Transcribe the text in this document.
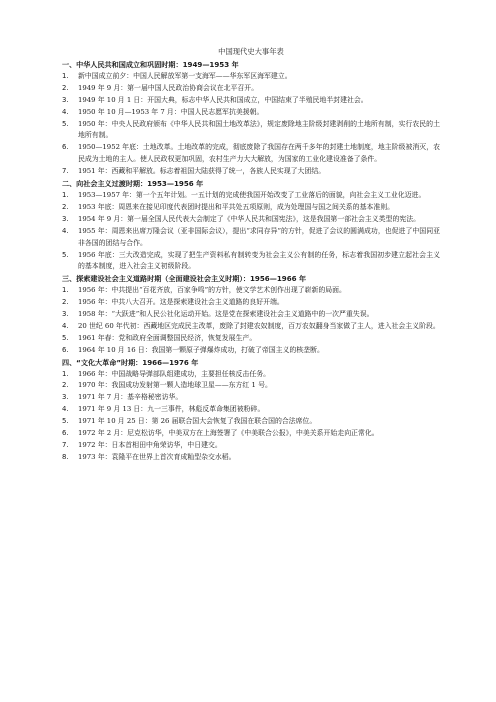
中国现代史大事年表
一、中华人民共和国成立和巩固时期：1949—1953 年
1.	新中国成立前夕：中国人民解放军第一支海军——华东军区海军建立。
2.	1949 年 9 月：第一届中国人民政治协商会议在北平召开。
3.	1949 年 10 月 1 日：开国大典，标志中华人民共和国成立，中国结束了半殖民地半封建社会。
4.	1950 年 10 月—1953 年 7 月：中国人民志愿军抗美援朝。
5.	1950 年：中央人民政府颁布《中华人民共和国土地改革法》，规定废除地主阶级封建剥削的土地所有制，实行农民的土地所有制。
6.	1950—1952 年底：土地改革。土地改革的完成，彻底废除了我国存在两千多年的封建土地制度，地主阶级被消灭，农民成为土地的主人。使人民政权更加巩固，农村生产力大大解放，为国家的工业化建设准备了条件。
7.	1951 年：西藏和平解放。标志着祖国大陆获得了统一，各族人民实现了大团结。
二、向社会主义过渡时期：1953—1956 年
1.	1953—1957 年：第一个五年计划。一五计划的完成使我国开始改变了工业落后的面貌，向社会主义工业化迈进。
2.	1953 年底：周恩来在接见印度代表团时提出和平共处五项原则，成为处理国与国之间关系的基本准则。
3.	1954 年 9 月：第一届全国人民代表大会制定了《中华人民共和国宪法》，这是我国第一部社会主义类型的宪法。
4.	1955 年：周恩来出席万隆会议（亚非国际会议），提出“求同存异”的方针，促进了会议的圆满成功，也促进了中国同亚非各国的团结与合作。
5.	1956 年底：三大改造完成，实现了把生产资料私有制转变为社会主义公有制的任务，标志着我国初步建立起社会主义的基本制度，进入社会主义初级阶段。
三、探索建设社会主义道路时期（全面建设社会主义时期）：1956—1966 年
1.	1956 年：中共提出“百花齐放，百家争鸣”的方针，使文学艺术创作出现了崭新的局面。
2.	1956 年：中共八大召开。这是探索建设社会主义道路的良好开端。
3.	1958 年：“大跃进”和人民公社化运动开始。这是党在探索建设社会主义道路中的一次严重失误。
4.	20 世纪 60 年代初：西藏地区完成民主改革，废除了封建农奴制度，百万农奴翻身当家做了主人，进入社会主义阶段。
5.	1961 年春：党和政府全面调整国民经济，恢复发展生产。
6.	1964 年 10 月 16 日：我国第一颗原子弹爆炸成功，打破了帝国主义的核垄断。
四、“文化大革命”时期：1966—1976 年
1.	1966 年：中国战略导弹部队组建成功，主要担任核反击任务。
2.	1970 年：我国成功发射第一颗人造地球卫星——东方红 1 号。
3.	1971 年 7 月：基辛格秘密访华。
4.	1971 年 9 月 13 日：九一三事件，林彪反革命集团被粉碎。
5.	1971 年 10 月 25 日：第 26 届联合国大会恢复了我国在联合国的合法席位。
6.	1972 年 2 月：尼克松访华，中美双方在上海签署了《中美联合公报》，中美关系开始走向正常化。
7.	1972 年：日本首相田中角荣访华，中日建交。
8.	1973 年：袁隆平在世界上首次育成籼型杂交水稻。
